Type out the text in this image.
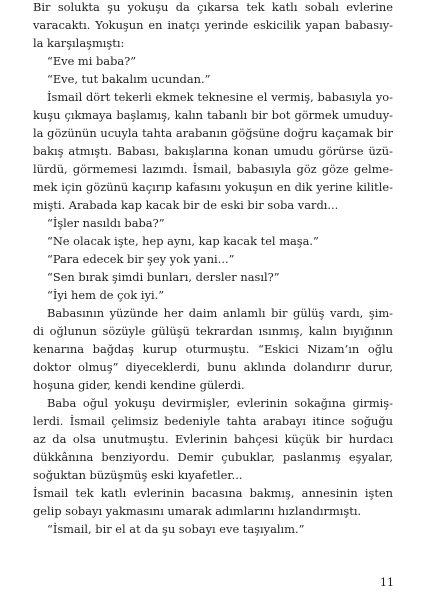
Bir solukta şu yokuşu da çıkarsa tek katlı sobalı evlerine
varacaktı. Yokuşun en inatçı yerinde eskicilik yapan babasıy-
la karşılaşmıştı:
“Eve mi baba?”
“Eve, tut bakalım ucundan.”
İsmail dört tekerli ekmek teknesine el vermiş, babasıyla yo-
kuşu çıkmaya başlamış, kalın tabanlı bir bot görmek umuduy-
la gözünün ucuyla tahta arabanın göğsüne doğru kaçamak bir
bakış atmıştı. Babası, bakışlarına konan umudu görürse üzü-
lürdü, görmemesi lazımdı. İsmail, babasıyla göz göze gelme-
mek için gözünü kaçırıp kafasını yokuşun en dik yerine kilitle-
mişti. Arabada kap kacak bir de eski bir soba vardı...
“İşler nasıldı baba?”
“Ne olacak işte, hep aynı, kap kacak tel maşa.”
“Para edecek bir şey yok yani...”
“Sen bırak şimdi bunları, dersler nasıl?”
“İyi hem de çok iyi.”
Babasının yüzünde her daim anlamlı bir gülüş vardı, şim-
di oğlunun sözüyle gülüşü tekrardan ısınmış, kalın bıyığının
kenarına bağdaş kurup oturmuştu. “Eskici Nizam’ın oğlu
doktor olmuş” diyeceklerdi, bunu aklında dolandırır durur,
hoşuna gider, kendi kendine gülerdi.
Baba oğul yokuşu devirmişler, evlerinin sokağına girmiş-
lerdi. İsmail çelimsiz bedeniyle tahta arabayı itince soğuğu
az da olsa unutmuştu. Evlerinin bahçesi küçük bir hurdacı
dükkânına benziyordu. Demir çubuklar, paslanmış eşyalar,
soğuktan büzüşmüş eski kıyafetler...
İsmail tek katlı evlerinin bacasına bakmış, annesinin işten
gelip sobayı yakmasını umarak adımlarını hızlandırmıştı.
“İsmail, bir el at da şu sobayı eve taşıyalım.”
11
